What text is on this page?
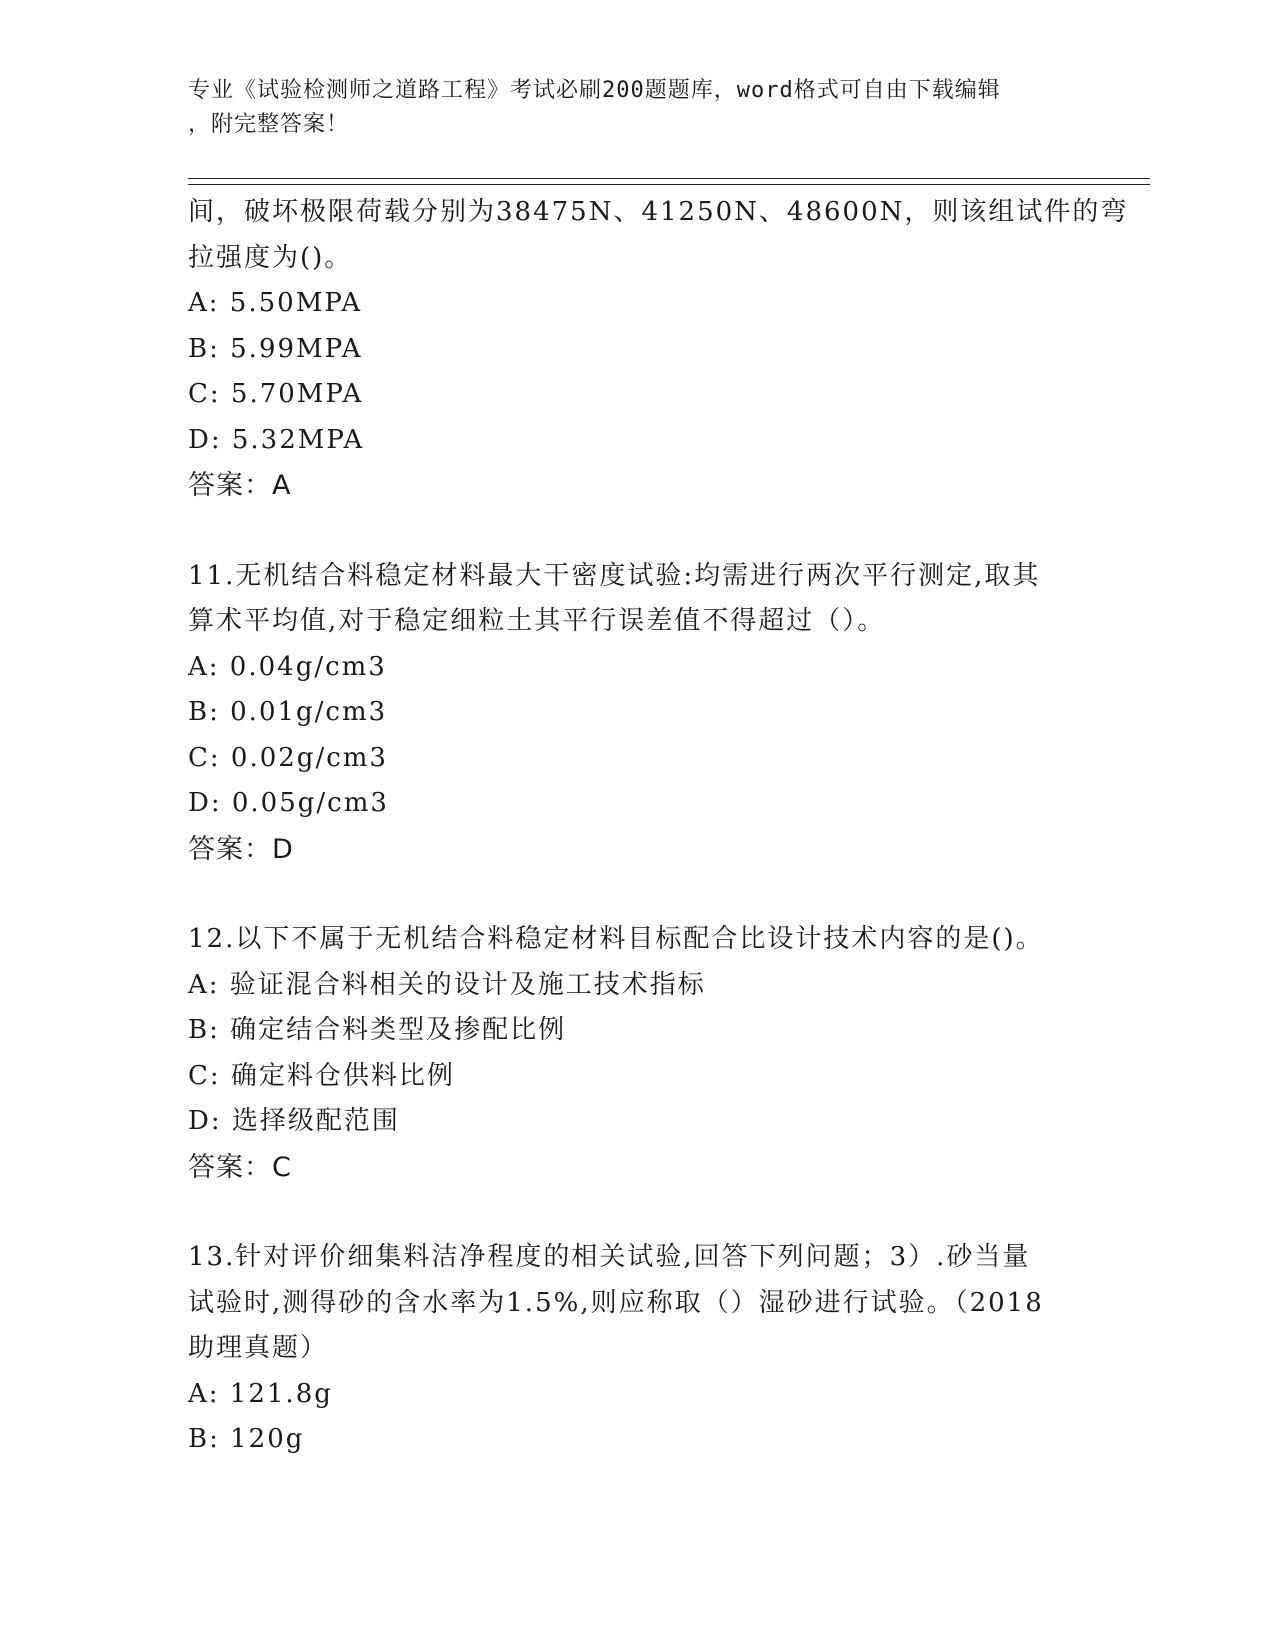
专业《试验检测师之道路工程》考试必刷200题题库，word格式可自由下载编辑
，附完整答案！
间，破坏极限荷载分别为38475N、41250N、48600N，则该组试件的弯
拉强度为()。
A: 5.50MPA
B: 5.99MPA
C: 5.70MPA
D: 5.32MPA
答案：A
11.无机结合料稳定材料最大干密度试验:均需进行两次平行测定,取其
算术平均值,对于稳定细粒土其平行误差值不得超过（）。
A: 0.04g/cm3
B: 0.01g/cm3
C: 0.02g/cm3
D: 0.05g/cm3
答案：D
12.以下不属于无机结合料稳定材料目标配合比设计技术内容的是()。
A: 验证混合料相关的设计及施工技术指标
B: 确定结合料类型及掺配比例
C: 确定料仓供料比例
D: 选择级配范围
答案：C
13.针对评价细集料洁净程度的相关试验,回答下列问题；3）.砂当量
试验时,测得砂的含水率为1.5%,则应称取（）湿砂进行试验。（2018
助理真题）
A: 121.8g
B: 120g
